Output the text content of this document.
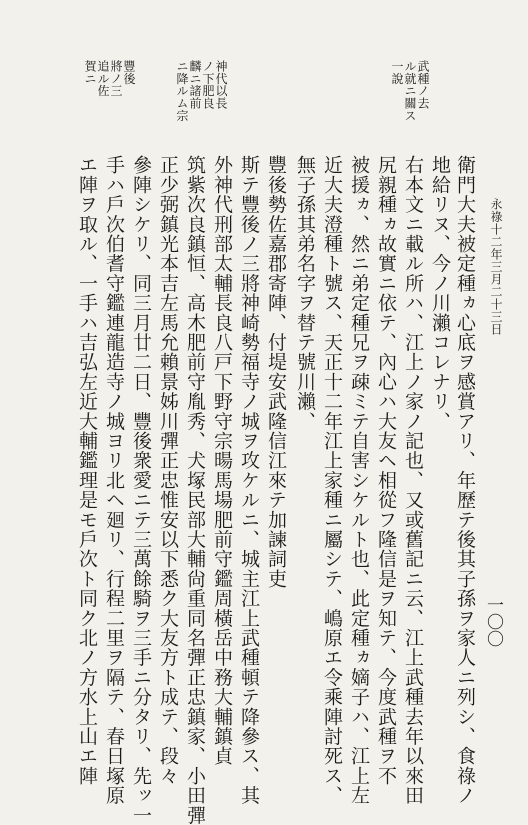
永祿十二年三月二十三日
一〇〇
衛門大夫被定種ヵ心底ヲ感賞アリ、年歷テ後其子孫ヲ家人ニ列シ、食祿ノ
地給リヌ、今ノ川瀨コレナリ、
右本文ニ載ル所ハ、江上ノ家ノ記也、又或舊記ニ云、江上武種去年以來田
尻親種ヵ故實ニ依テ、內心ハ大友ヘ相從フ隆信是ヲ知テ、今度武種ヲ不
被援ヵ、然ニ弟定種兄ヲ疎ミテ自害シケルト也、此定種ヵ嫡子ハ、江上左
近大夫澄種ト號ス、天正十二年江上家種ニ屬シテ、嶋原エ令乘陣討死ス、
無子孫其弟名字ヲ替テ號川瀨、
豐後勢佐嘉郡寄陣、付堤安武隆信江來テ加諫詞吏
斯テ豐後ノ三將神崎勢福寺ノ城ヲ攻ケルニ、城主江上武種頓テ降參ス、其
外神代刑部太輔長良八戸下野守宗暘馬場肥前守鑑周橫岳中務大輔鎮貞
筑紫次良鎮恒、高木肥前守胤秀、犬塚民部大輔尙重同名彈正忠鎮家、小田彈
正少弼鎮光本吉左馬允賴景姊川彈正忠惟安以下悉ク大友方ト成テ、段々
參陣シケリ、同三月廿二日、豐後衆愛ニテ三萬餘騎ヲ三手ニ分タリ、先ッ一
手ハ戶次伯耆守鑑連龍造寺ノ城ヨリ北ヘ廻リ、行程二里ヲ隔テ、春日塚原
エ陣ヲ取ル、一手ハ吉弘左近大輔鑑理是モ戶次ト同ク北ノ方水上山エ陣
武種ノ去
ル就ニ關ス
一說
神代以長
ノ下肥良
麟ニ諸前
ニ降ルム宗
豐後
將ノ三
追ル佐
賀ニ
